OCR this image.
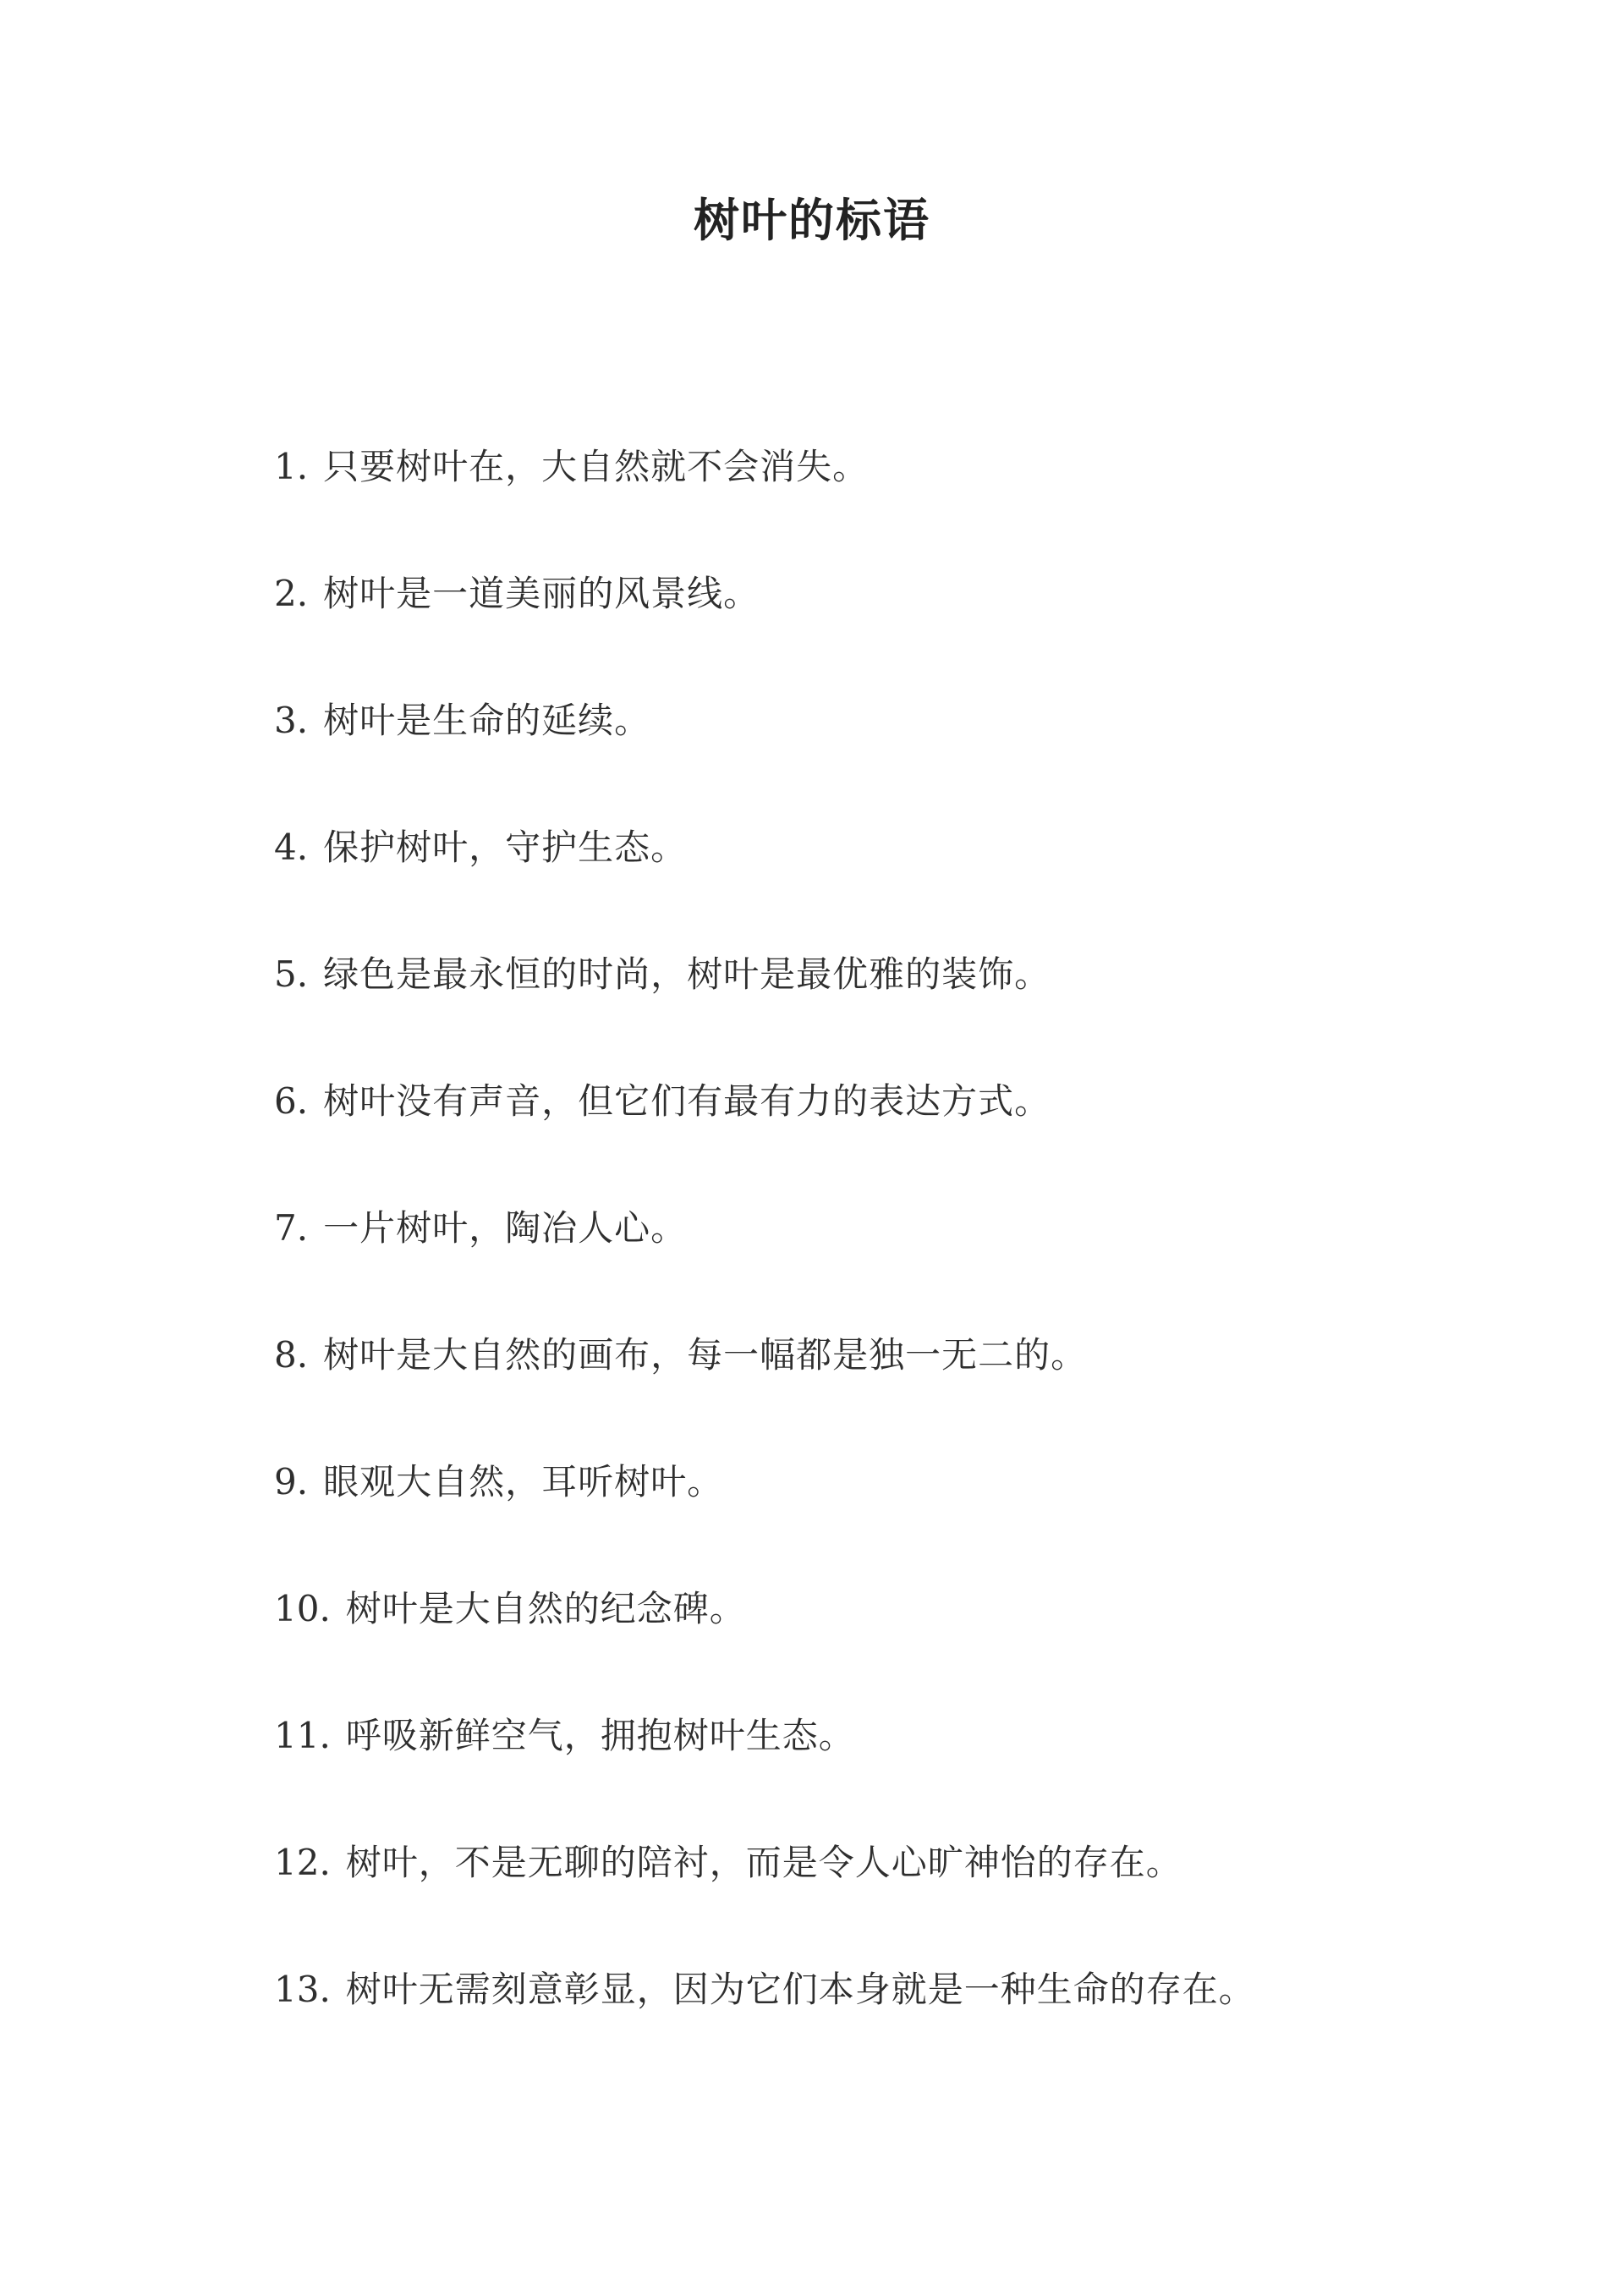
树叶的标语
1. 只要树叶在，大自然就不会消失。
2. 树叶是一道美丽的风景线。
3. 树叶是生命的延续。
4. 保护树叶，守护生态。
5. 绿色是最永恒的时尚，树叶是最优雅的装饰。
6. 树叶没有声音，但它们有最有力的表达方式。
7. 一片树叶，陶冶人心。
8. 树叶是大自然的画布，每一幅都是独一无二的。
9. 眼观大自然，耳听树叶。
10. 树叶是大自然的纪念碑。
11. 呼吸新鲜空气，拥抱树叶生态。
12. 树叶，不是无聊的陪衬，而是令人心旷神怡的存在。
13. 树叶无需刻意彰显，因为它们本身就是一种生命的存在。
